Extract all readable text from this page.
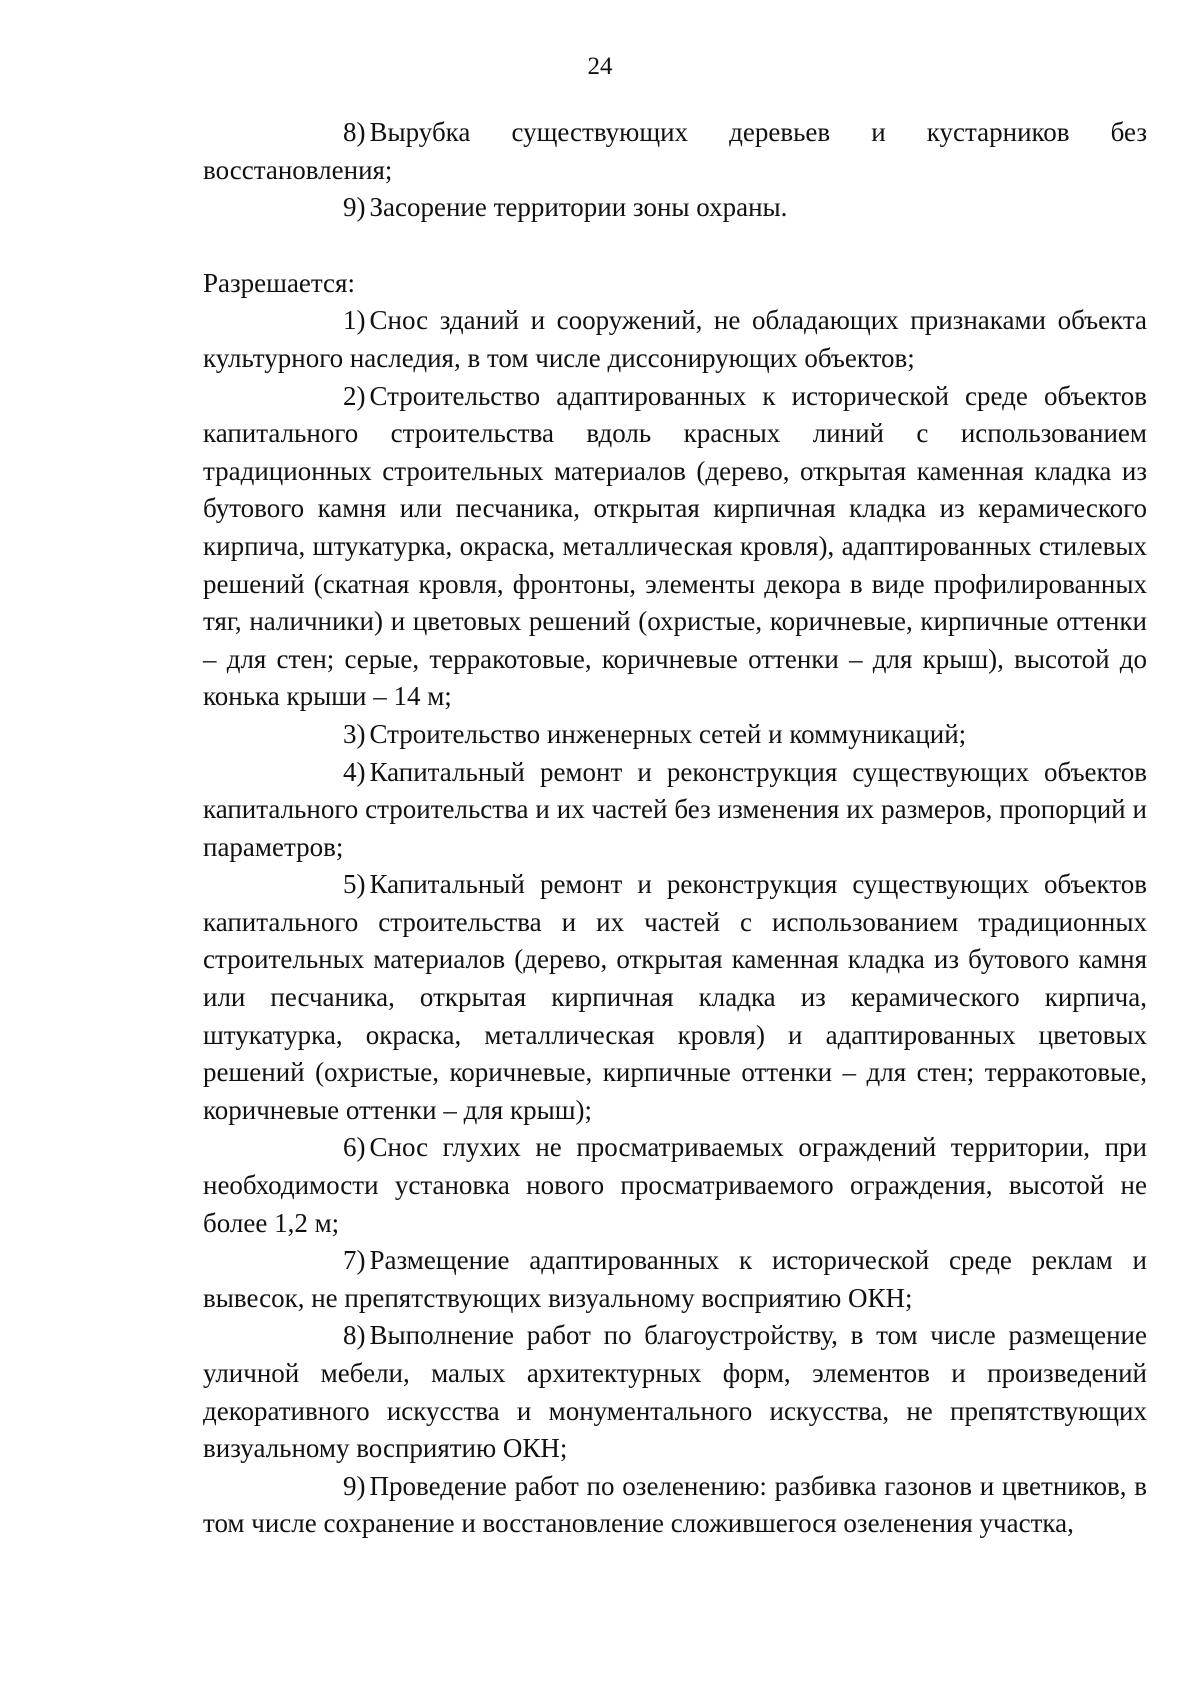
24

8) Вырубка существующих деревьев и кустарников без восстановления;

9) Засорение территории зоны охраны.

Разрешается:

1) Снос зданий и сооружений, не обладающих признаками объекта культурного наследия, в том числе диссонирующих объектов;

2) Строительство адаптированных к исторической среде объектов капитального строительства вдоль красных линий с использованием традиционных строительных материалов (дерево, открытая каменная кладка из бутового камня или песчаника, открытая кирпичная кладка из керамического кирпича, штукатурка, окраска, металлическая кровля), адаптированных стилевых решений (скатная кровля, фронтоны, элементы декора в виде профилированных тяг, наличники) и цветовых решений (охристые, коричневые, кирпичные оттенки – для стен; серые, терракотовые, коричневые оттенки – для крыш), высотой до конька крыши – 14 м;

3) Строительство инженерных сетей и коммуникаций;

4) Капитальный ремонт и реконструкция существующих объектов капитального строительства и их частей без изменения их размеров, пропорций и параметров;

5) Капитальный ремонт и реконструкция существующих объектов капитального строительства и их частей с использованием традиционных строительных материалов (дерево, открытая каменная кладка из бутового камня или песчаника, открытая кирпичная кладка из керамического кирпича, штукатурка, окраска, металлическая кровля) и адаптированных цветовых решений (охристые, коричневые, кирпичные оттенки – для стен; терракотовые, коричневые оттенки – для крыш);

6) Снос глухих не просматриваемых ограждений территории, при необходимости установка нового просматриваемого ограждения, высотой не более 1,2 м;

7) Размещение адаптированных к исторической среде реклам и вывесок, не препятствующих визуальному восприятию ОКН;

8) Выполнение работ по благоустройству, в том числе размещение уличной мебели, малых архитектурных форм, элементов и произведений декоративного искусства и монументального искусства, не препятствующих визуальному восприятию ОКН;

9) Проведение работ по озеленению: разбивка газонов и цветников, в том числе сохранение и восстановление сложившегося озеленения участка,
